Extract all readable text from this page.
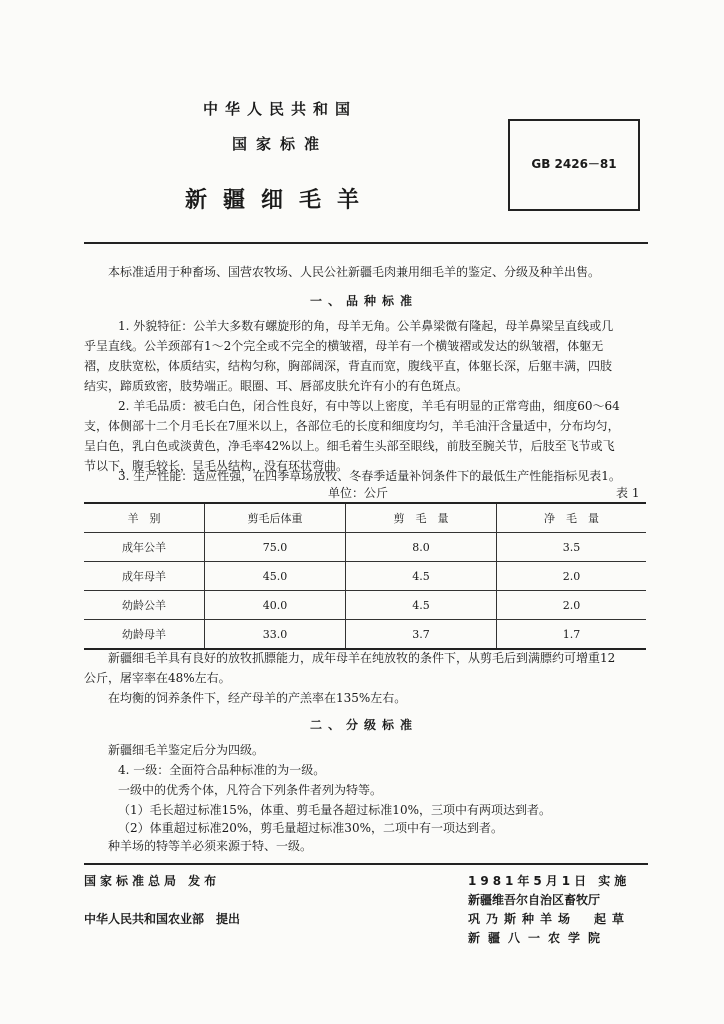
中华人民共和国
国家标准
新疆细毛羊
GB 2426－81
本标准适用于种畜场、国营农牧场、人民公社新疆毛肉兼用细毛羊的鉴定、分级及种羊出售。
一、品种标准
1. 外貌特征：公羊大多数有螺旋形的角，母羊无角。公羊鼻梁微有隆起，母羊鼻梁呈直线或几
乎呈直线。公羊颈部有1～2个完全或不完全的横皱褶，母羊有一个横皱褶或发达的纵皱褶，体躯无
褶，皮肤宽松，体质结实，结构匀称，胸部阔深，背直而宽，腹线平直，体躯长深，后躯丰满，四肢
结实，蹄质致密，肢势端正。眼圈、耳、唇部皮肤允许有小的有色斑点。
2. 羊毛品质：被毛白色，闭合性良好，有中等以上密度，羊毛有明显的正常弯曲，细度60～64
支，体侧部十二个月毛长在7厘米以上，各部位毛的长度和细度均匀，羊毛油汗含量适中，分布均匀，
呈白色，乳白色或淡黄色，净毛率42%以上。细毛着生头部至眼线，前肢至腕关节，后肢至飞节或飞
节以下，腹毛较长，呈毛丛结构，没有环状弯曲。
3. 生产性能：适应性强，在四季草场放牧、冬春季适量补饲条件下的最低生产性能指标见表1。
单位：公斤	表 1
羊　别	剪毛后体重	剪　毛　量	净　毛　量
成年公羊	75.0	8.0	3.5
成年母羊	45.0	4.5	2.0
幼龄公羊	40.0	4.5	2.0
幼龄母羊	33.0	3.7	1.7
新疆细毛羊具有良好的放牧抓膘能力，成年母羊在纯放牧的条件下，从剪毛后到满膘约可增重12
公斤，屠宰率在48%左右。
在均衡的饲养条件下，经产母羊的产羔率在135%左右。
二、分级标准
新疆细毛羊鉴定后分为四级。
4. 一级：全面符合品种标准的为一级。
一级中的优秀个体，凡符合下列条件者列为特等。
（1）毛长超过标准15%，体重、剪毛量各超过标准10%，三项中有两项达到者。
（2）体重超过标准20%，剪毛量超过标准30%，二项中有一项达到者。
种羊场的特等羊必须来源于特、一级。
国家标准总局 发布
中华人民共和国农业部　提出
1981年5月1日 实施
新疆维吾尔自治区畜牧厅
巩乃斯种羊场　起草
新疆八一农学院
